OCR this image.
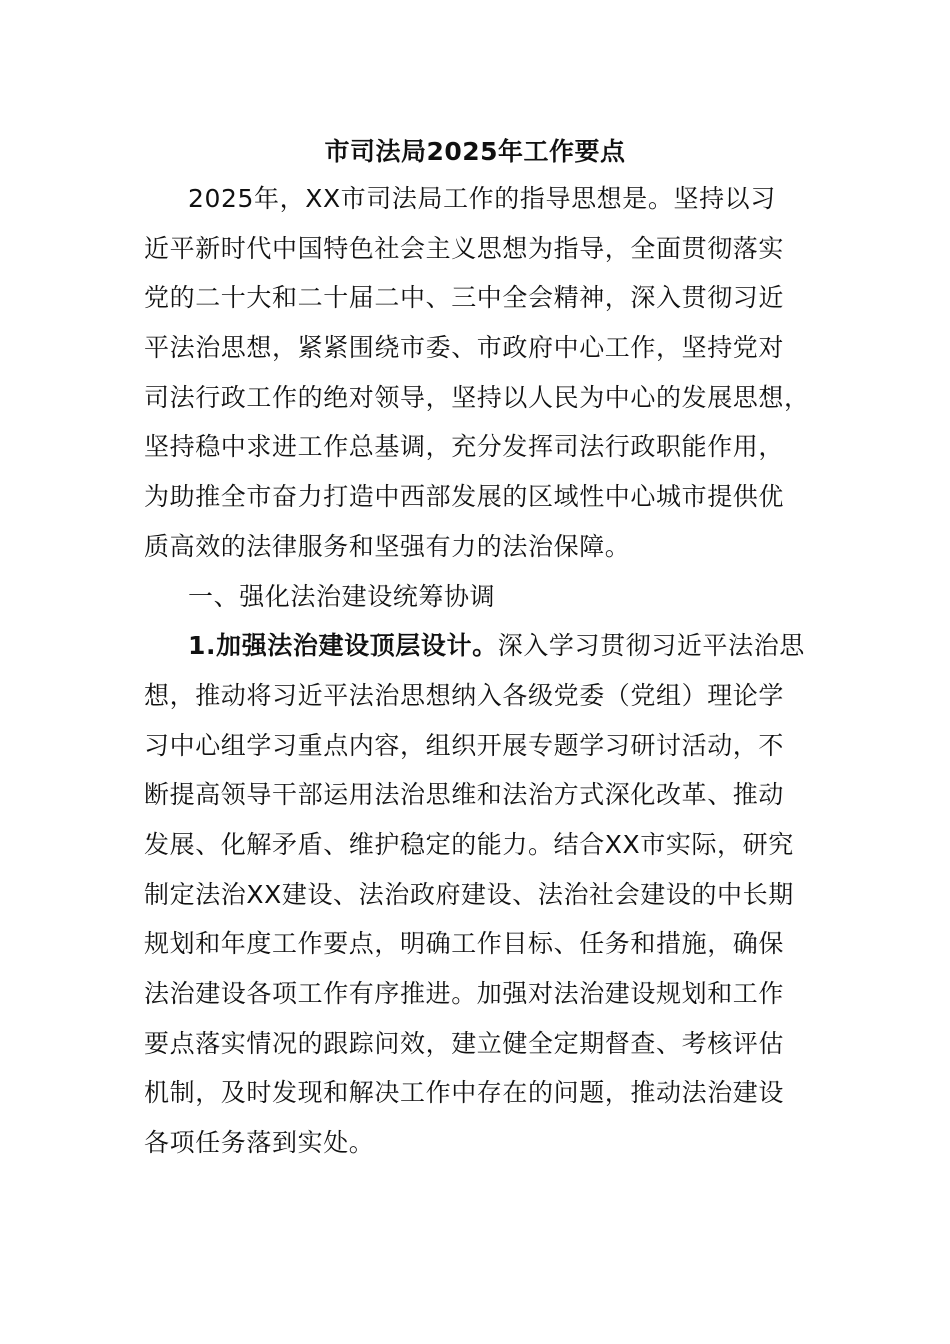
市司法局2025年工作要点
2025年，XX市司法局工作的指导思想是。坚持以习
近平新时代中国特色社会主义思想为指导，全面贯彻落实
党的二十大和二十届二中、三中全会精神，深入贯彻习近
平法治思想，紧紧围绕市委、市政府中心工作，坚持党对
司法行政工作的绝对领导，坚持以人民为中心的发展思想，
坚持稳中求进工作总基调，充分发挥司法行政职能作用，
为助推全市奋力打造中西部发展的区域性中心城市提供优
质高效的法律服务和坚强有力的法治保障。
一、强化法治建设统筹协调
1.加强法治建设顶层设计。深入学习贯彻习近平法治思
想，推动将习近平法治思想纳入各级党委（党组）理论学
习中心组学习重点内容，组织开展专题学习研讨活动，不
断提高领导干部运用法治思维和法治方式深化改革、推动
发展、化解矛盾、维护稳定的能力。结合XX市实际，研究
制定法治XX建设、法治政府建设、法治社会建设的中长期
规划和年度工作要点，明确工作目标、任务和措施，确保
法治建设各项工作有序推进。加强对法治建设规划和工作
要点落实情况的跟踪问效，建立健全定期督查、考核评估
机制，及时发现和解决工作中存在的问题，推动法治建设
各项任务落到实处。
